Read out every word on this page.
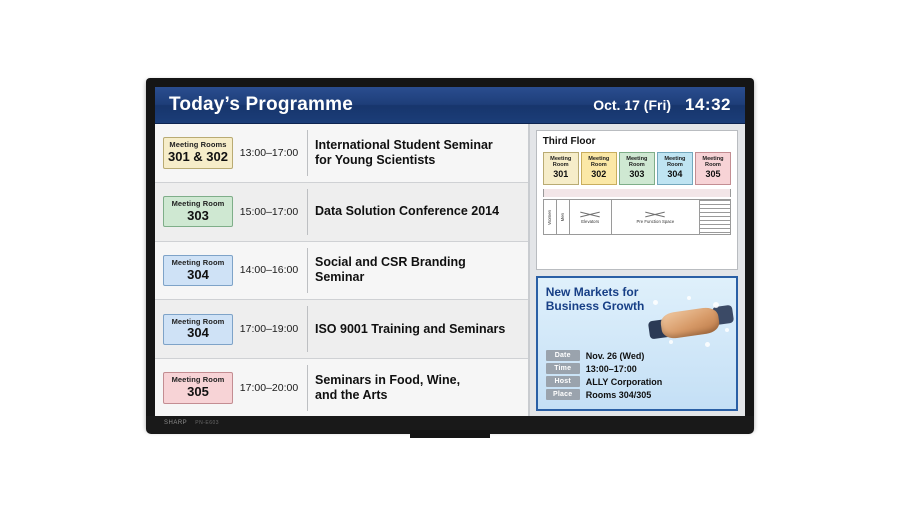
Today’s Programme	Oct. 17 (Fri) 14:32
Meeting Rooms
301 & 302	13:00–17:00
International Student Seminar
for Young Scientists
Meeting Room
303	15:00–17:00	Data Solution Conference 2014
Meeting Room
304	14:00–16:00
Social and CSR Branding Seminar
Meeting Room
304	17:00–19:00	ISO 9001 Training and Seminars
Meeting Room
305	17:00–20:00
Seminars in Food, Wine,
and the Arts
Third Floor
Meeting Room
301
Meeting Room
302
Meeting Room
303
Meeting Room
304
Meeting Room
305
Women Men	Elevators	Pre Function Space
New Markets for
Business Growth
Date	Nov. 26 (Wed)
Time	13:00–17:00
Host	ALLY Corporation
Place	Rooms 304/305
SHARP PN-E603
